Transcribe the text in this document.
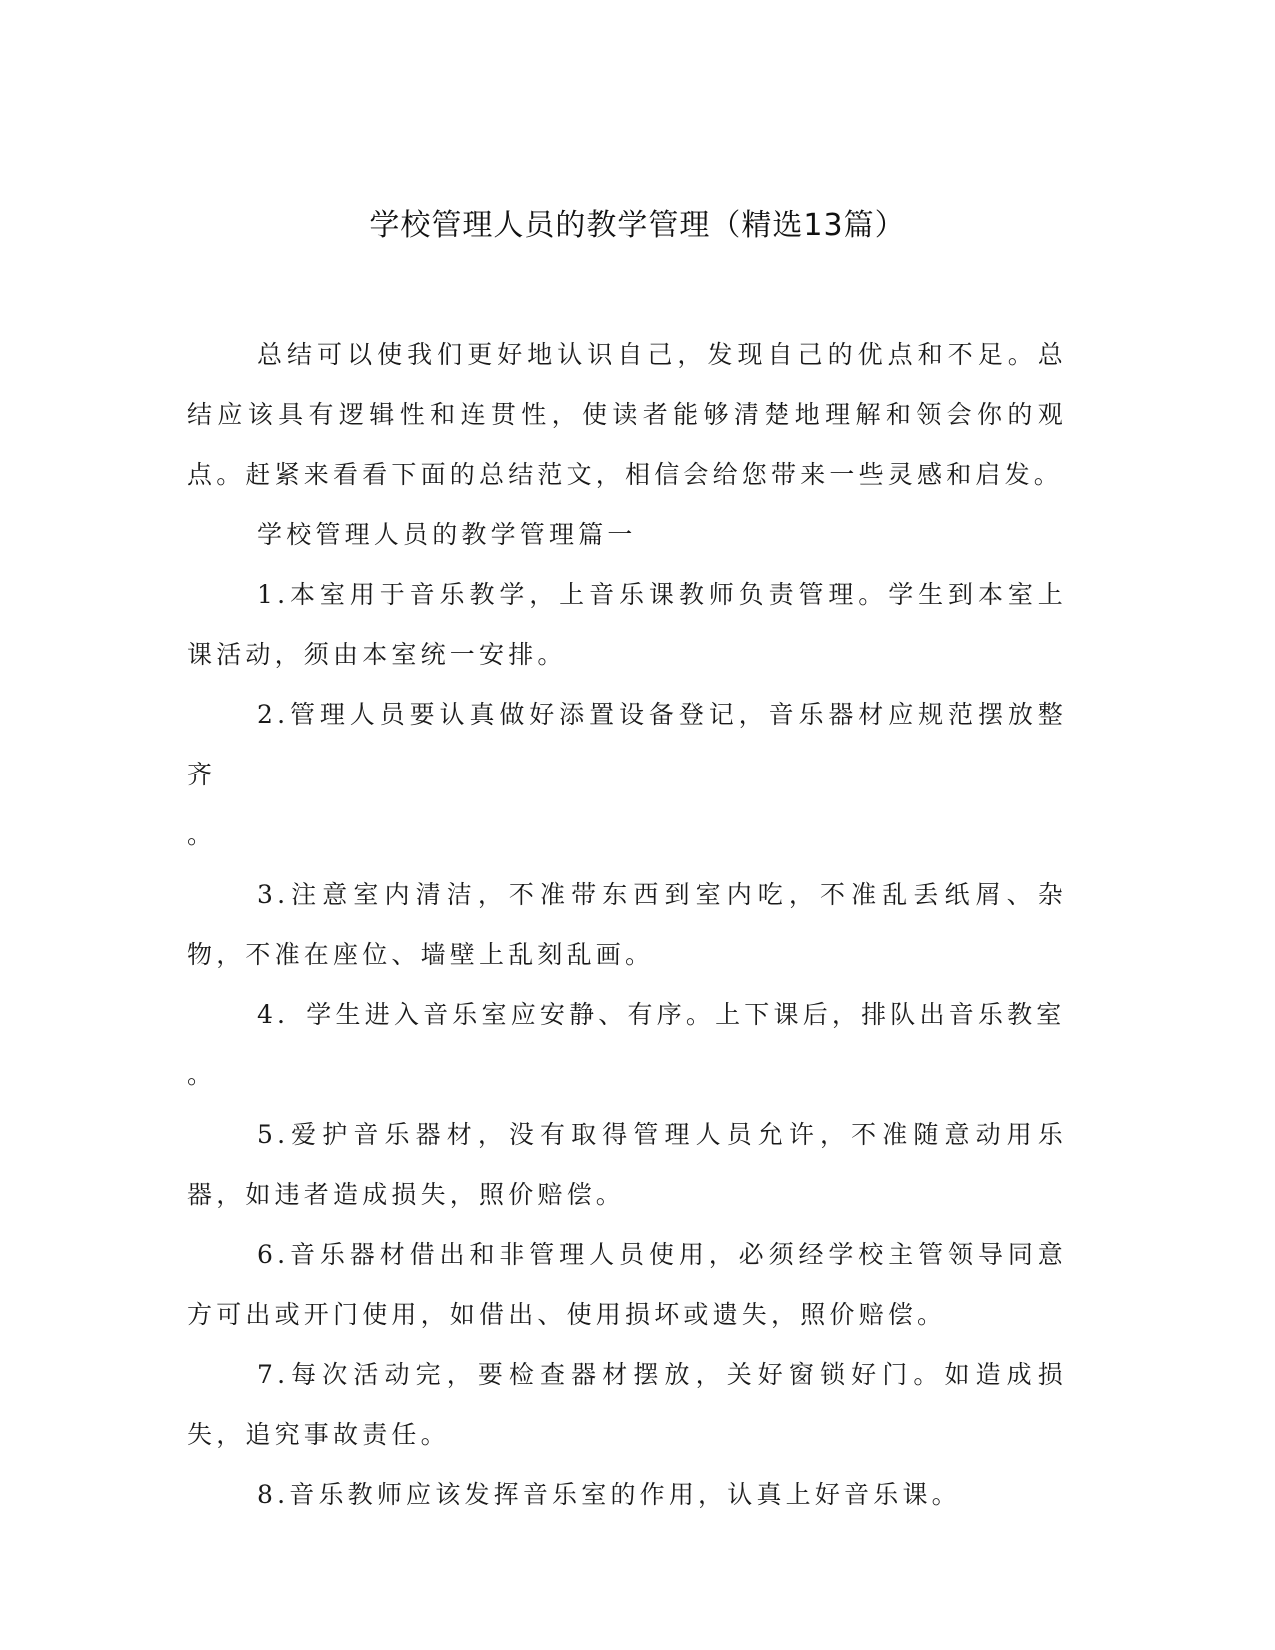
学校管理人员的教学管理（精选13篇）

总结可以使我们更好地认识自己，发现自己的优点和不足。总结应该具有逻辑性和连贯性，使读者能够清楚地理解和领会你的观点。赶紧来看看下面的总结范文，相信会给您带来一些灵感和启发。

学校管理人员的教学管理篇一

1.本室用于音乐教学，上音乐课教师负责管理。学生到本室上课活动，须由本室统一安排。

2.管理人员要认真做好添置设备登记，音乐器材应规范摆放整齐
。

3.注意室内清洁，不准带东西到室内吃，不准乱丢纸屑、杂物，不准在座位、墙壁上乱刻乱画。

4．学生进入音乐室应安静、有序。上下课后，排队出音乐教室
。

5.爱护音乐器材，没有取得管理人员允许，不准随意动用乐器，如违者造成损失，照价赔偿。

6.音乐器材借出和非管理人员使用，必须经学校主管领导同意方可出或开门使用，如借出、使用损坏或遗失，照价赔偿。

7.每次活动完，要检查器材摆放，关好窗锁好门。如造成损失，追究事故责任。

8.音乐教师应该发挥音乐室的作用，认真上好音乐课。
